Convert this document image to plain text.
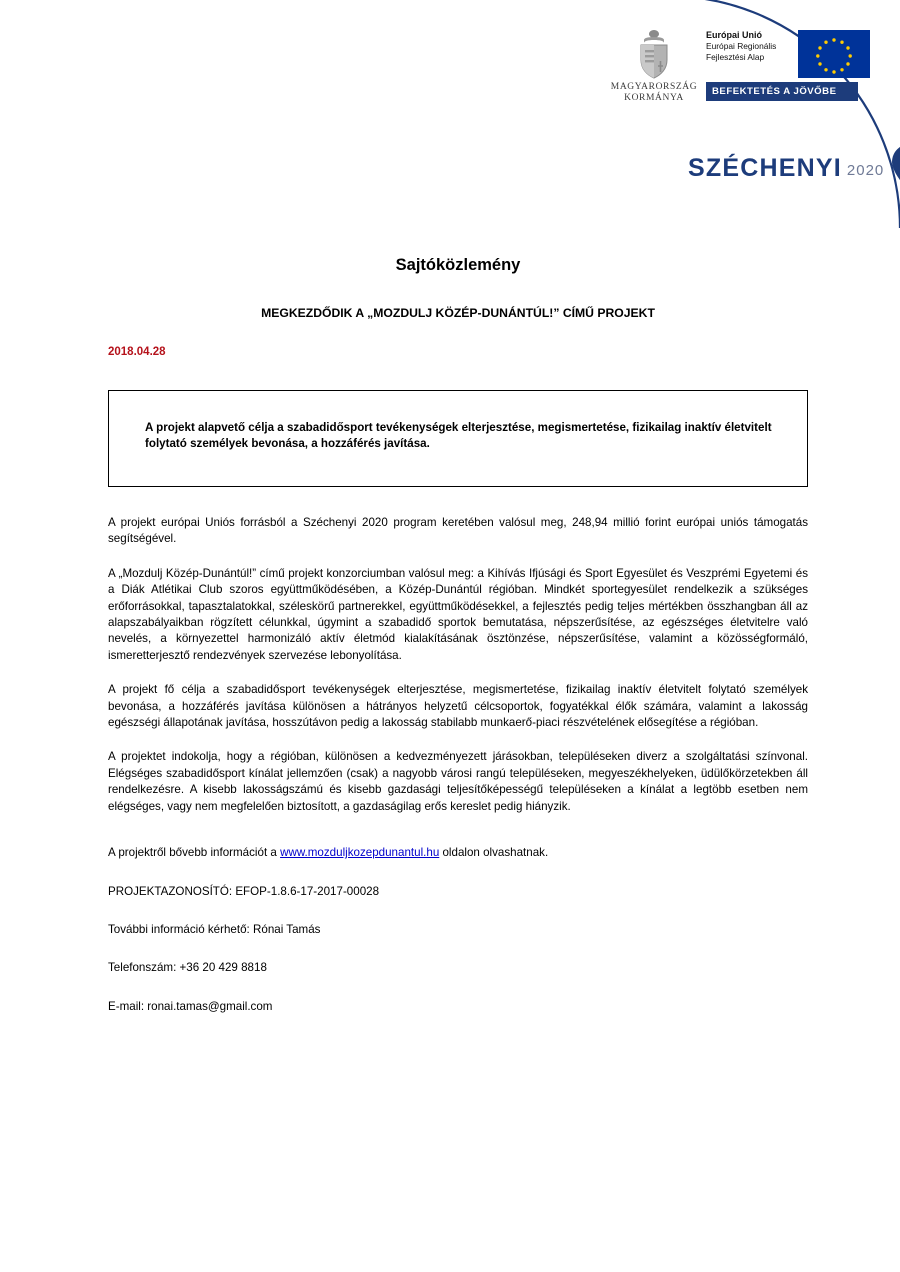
MAGYARORSZÁG
KORMÁNYA
Európai Unió
Európai Regionális
Fejlesztési Alap
BEFEKTETÉS A JÖVŐBE
SZÉCHENYI 2020
Sajtóközlemény
MEGKEZDŐDIK A „MOZDULJ KÖZÉP-DUNÁNTÚL!” CÍMŰ PROJEKT
2018.04.28
A projekt alapvető célja a szabadidősport tevékenységek elterjesztése, megismertetése, fizikailag inaktív életvitelt folytató személyek bevonása, a hozzáférés javítása.

A projekt európai Uniós forrásból a Széchenyi 2020 program keretében valósul meg, 248,94 millió forint európai uniós támogatás segítségével.

A „Mozdulj Közép-Dunántúl!” című projekt konzorciumban valósul meg: a Kihívás Ifjúsági és Sport Egyesület és Veszprémi Egyetemi és a Diák Atlétikai Club szoros együttműködésében, a Közép-Dunántúl régióban. Mindkét sportegyesület rendelkezik a szükséges erőforrásokkal, tapasztalatokkal, széleskörű partnerekkel, együttműködésekkel, a fejlesztés pedig teljes mértékben összhangban áll az alapszabályaikban rögzített célunkkal, úgymint a szabadidő sportok bemutatása, népszerűsítése, az egészséges életvitelre való nevelés, a környezettel harmonizáló aktív életmód kialakításának ösztönzése, népszerűsítése, valamint a közösségformáló, ismeretterjesztő rendezvények szervezése lebonyolítása.

A projekt fő célja a szabadidősport tevékenységek elterjesztése, megismertetése, fizikailag inaktív életvitelt folytató személyek bevonása, a hozzáférés javítása különösen a hátrányos helyzetű célcsoportok, fogyatékkal élők számára, valamint a lakosság egészségi állapotának javítása, hosszútávon pedig a lakosság stabilabb munkaerő-piaci részvételének elősegítése a régióban.

A projektet indokolja, hogy a régióban, különösen a kedvezményezett járásokban, településeken diverz a szolgáltatási színvonal. Elégséges szabadidősport kínálat jellemzően (csak) a nagyobb városi rangú településeken, megyeszékhelyeken, üdülőkörzetekben áll rendelkezésre. A kisebb lakosságszámú és kisebb gazdasági teljesítőképességű településeken a kínálat a legtöbb esetben nem elégséges, vagy nem megfelelően biztosított, a gazdaságilag erős kereslet pedig hiányzik.

A projektről bővebb információt a www.mozduljkozepdunantul.hu oldalon olvashatnak.

PROJEKTAZONOSÍTÓ: EFOP-1.8.6-17-2017-00028

További információ kérhető: Rónai Tamás

Telefonszám: +36 20 429 8818

E-mail: ronai.tamas@gmail.com
